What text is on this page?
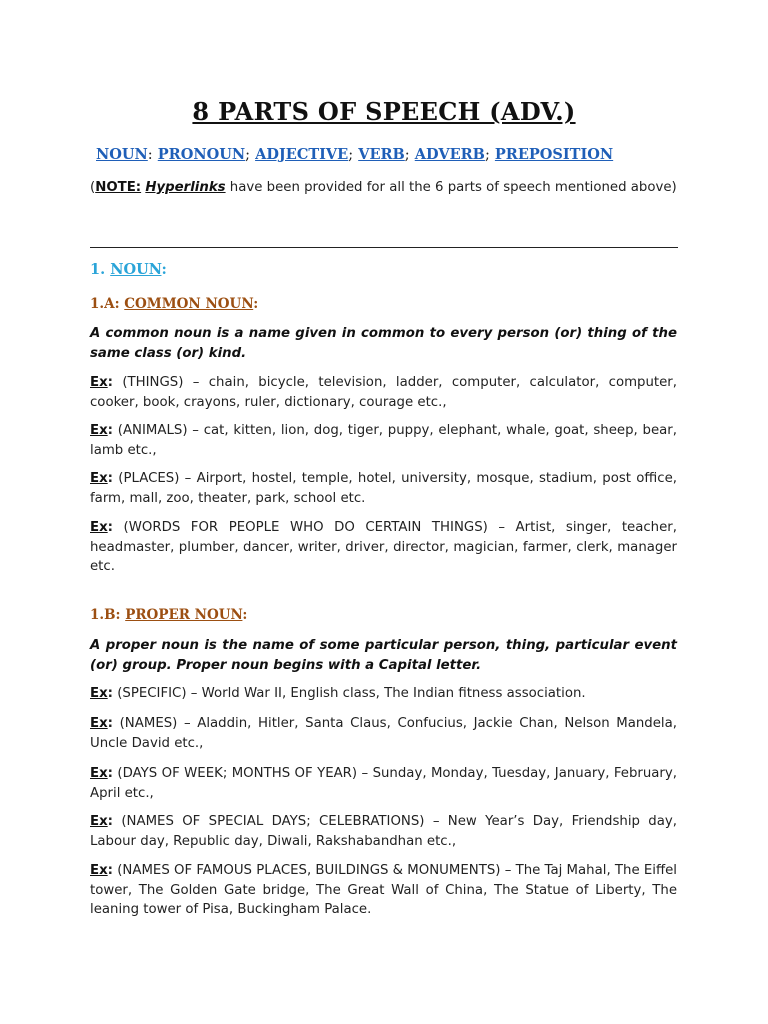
8 PARTS OF SPEECH (ADV.)
NOUN: PRONOUN; ADJECTIVE; VERB; ADVERB; PREPOSITION
(NOTE: Hyperlinks have been provided for all the 6 parts of speech mentioned above)
1. NOUN:
1.A: COMMON NOUN:
A common noun is a name given in common to every person (or) thing of the same class (or) kind.
Ex: (THINGS) – chain, bicycle, television, ladder, computer, calculator, computer, cooker, book, crayons, ruler, dictionary, courage etc.,
Ex: (ANIMALS) – cat, kitten, lion, dog, tiger, puppy, elephant, whale, goat, sheep, bear, lamb etc.,
Ex: (PLACES) – Airport, hostel, temple, hotel, university, mosque, stadium, post office, farm, mall, zoo, theater, park, school etc.
Ex: (WORDS FOR PEOPLE WHO DO CERTAIN THINGS) – Artist, singer, teacher, headmaster, plumber, dancer, writer, driver, director, magician, farmer, clerk, manager etc.
1.B: PROPER NOUN:
A proper noun is the name of some particular person, thing, particular event (or) group. Proper noun begins with a Capital letter.
Ex: (SPECIFIC) – World War II, English class, The Indian fitness association.
Ex: (NAMES) – Aladdin, Hitler, Santa Claus, Confucius, Jackie Chan, Nelson Mandela, Uncle David etc.,
Ex: (DAYS OF WEEK; MONTHS OF YEAR) – Sunday, Monday, Tuesday, January, February, April etc.,
Ex: (NAMES OF SPECIAL DAYS; CELEBRATIONS) – New Year’s Day, Friendship day, Labour day, Republic day, Diwali, Rakshabandhan etc.,
Ex: (NAMES OF FAMOUS PLACES, BUILDINGS & MONUMENTS) – The Taj Mahal, The Eiffel tower, The Golden Gate bridge, The Great Wall of China, The Statue of Liberty, The leaning tower of Pisa, Buckingham Palace.
